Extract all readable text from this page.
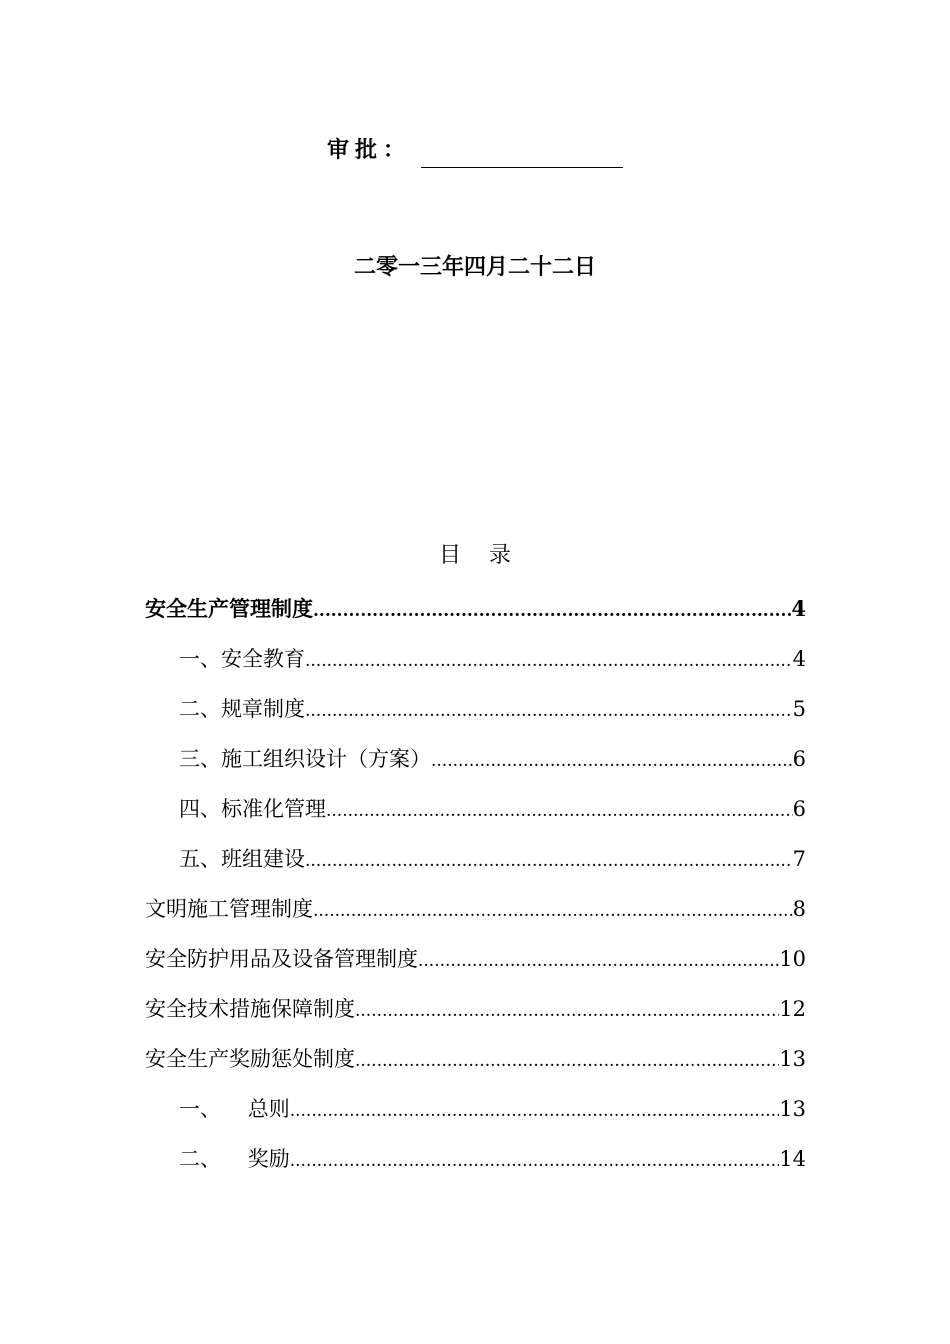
审批：
二零一三年四月二十二日
目录
安全生产管理制度 .....	4
一、安全教育 .....	4
二、规章制度 .....	5
三、施工组织设计（方案） .....	6
四、标准化管理 .....	6
五、班组建设 .....	7
文明施工管理制度 .....	8
安全防护用品及设备管理制度 .....	10
安全技术措施保障制度 .....	12
安全生产奖励惩处制度 .....	13
一、    总则 .....	13
二、    奖励 .....	14
